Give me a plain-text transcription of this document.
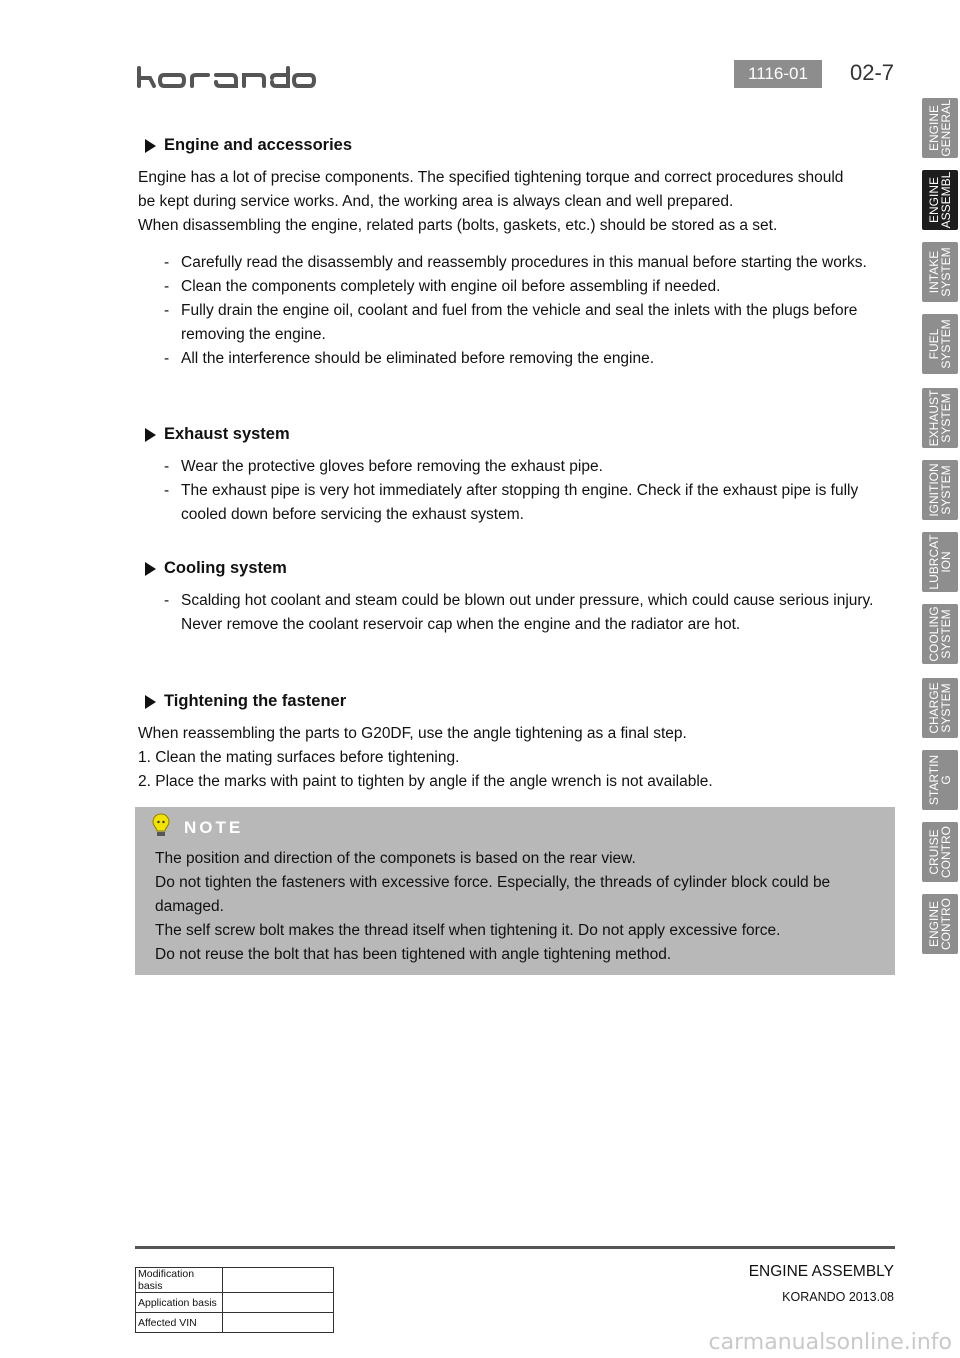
1116-01	02-7
Engine and accessories
Engine has a lot of precise components. The specified tightening torque and correct procedures should
be kept during service works. And, the working area is always clean and well prepared.
When disassembling the engine, related parts (bolts, gaskets, etc.) should be stored as a set.
- Carefully read the disassembly and reassembly procedures in this manual before starting the works.
- Clean the components completely with engine oil before assembling if needed.
- Fully drain the engine oil, coolant and fuel from the vehicle and seal the inlets with the plugs before removing the engine.
- All the interference should be eliminated before removing the engine.
Exhaust system
- Wear the protective gloves before removing the exhaust pipe.
- The exhaust pipe is very hot immediately after stopping th engine. Check if the exhaust pipe is fully cooled down before servicing the exhaust system.
Cooling system
- Scalding hot coolant and steam could be blown out under pressure, which could cause serious injury. Never remove the coolant reservoir cap when the engine and the radiator are hot.
Tightening the fastener
When reassembling the parts to G20DF, use the angle tightening as a final step.
1. Clean the mating surfaces before tightening.
2. Place the marks with paint to tighten by angle if the angle wrench is not available.
NOTE
The position and direction of the componets is based on the rear view.
Do not tighten the fasteners with excessive force. Especially, the threads of cylinder block could be
damaged.
The self screw bolt makes the thread itself when tightening it. Do not apply excessive force.
Do not reuse the bolt that has been tightened with angle tightening method.
ENGINE
GENERAL
ENGINE
ASSEMBL
INTAKE
SYSTEM
FUEL
SYSTEM
EXHAUST
SYSTEM
IGNITION
SYSTEM
LUBRCAT
ION
COOLING
SYSTEM
CHARGE
SYSTEM
STARTIN
G
CRUISE
CONTRO
ENGINE
CONTRO
Modification basis	
Application basis	
Affected VIN	
ENGINE ASSEMBLY
KORANDO 2013.08
carmanualsonline.info
